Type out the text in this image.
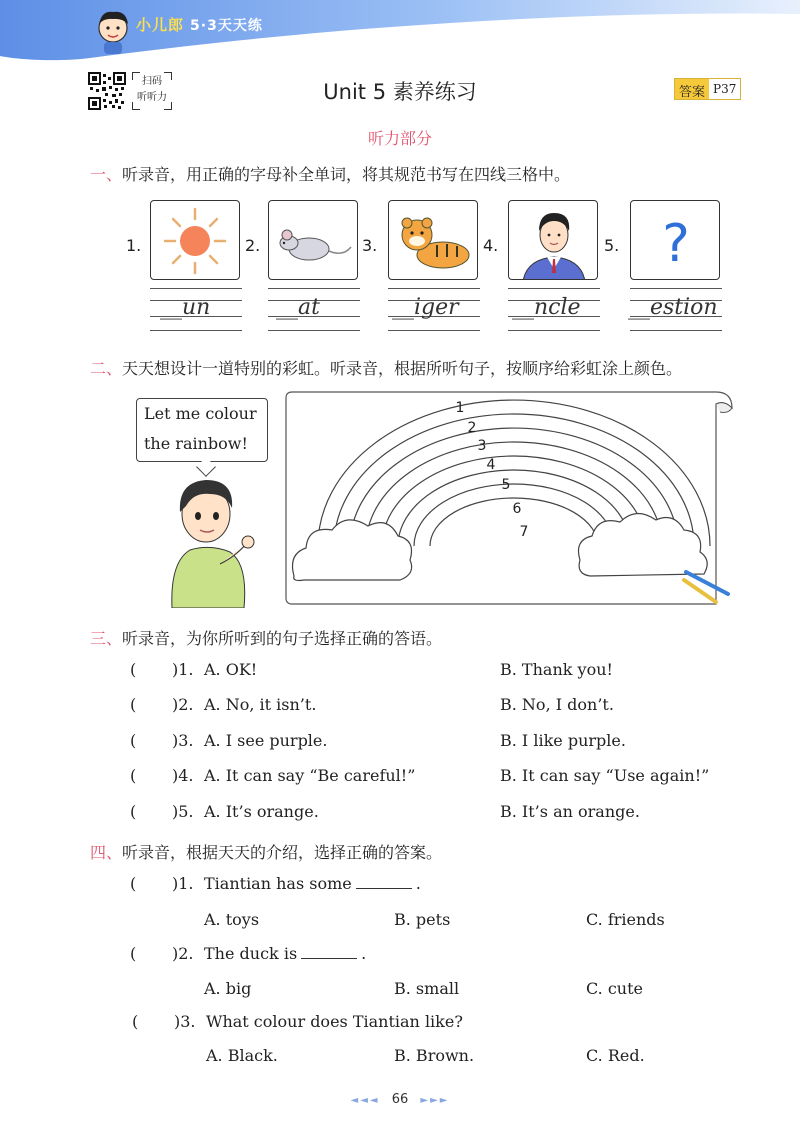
小儿郎 5·3天天练
扫码
听听力	Unit 5 素养练习	答案 P37
听力部分
一、听录音，用正确的字母补全单词，将其规范书写在四线三格中。
1.
__un
2.
__at
3.
__iger
4.
__ncle
5. ?
__estion
二、天天想设计一道特别的彩虹。听录音，根据所听句子，按顺序给彩虹涂上颜色。
Let me colour
the rainbow!
1
2
3
4
5
6
7
三、听录音，为你所听到的句子选择正确的答语。
( )1. A. OK!	B. Thank you!
( )2. A. No, it isn’t.	B. No, I don’t.
( )3. A. I see purple.	B. I like purple.
( )4. A. It can say “Be careful!”	B. It can say “Use again!”
( )5. A. It’s orange.	B. It’s an orange.
四、听录音，根据天天的介绍，选择正确的答案。
( )1. Tiantian has some	.
A. toys	B. pets	C. friends
( )2. The duck is	.
A. big	B. small	C. cute
( )3. What colour does Tiantian like?
A. Black.	B. Brown.	C. Red.
◄◄◄ 66 ►►►
